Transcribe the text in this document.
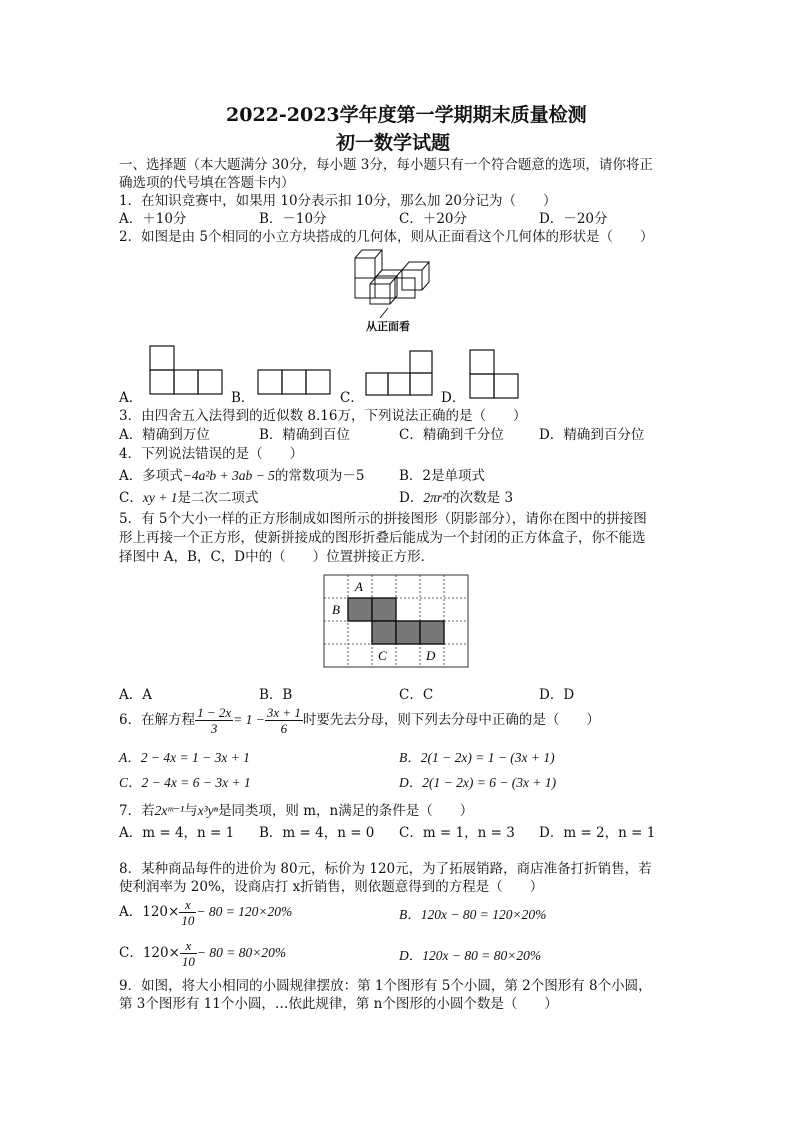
2022-2023学年度第一学期期末质量检测
初一数学试题
一、选择题（本大题满分 30分，每小题 3分，每小题只有一个符合题意的选项，请你将正
确选项的代号填在答题卡内）
1．在知识竞赛中，如果用 10分表示扣 10分，那么加 20分记为（　　）
A．＋10分	B．－10分	C．＋20分	D．－20分
2．如图是由 5个相同的小立方块搭成的几何体，则从正面看这个几何体的形状是（　　）
从正面看
A．	B．	C．	D．
3．由四舍五入法得到的近似数 8.16万，下列说法正确的是（　　）
A．精确到万位	B．精确到百位	C．精确到千分位	D．精确到百分位
4．下列说法错误的是（　　）
A．多项式−4a²b + 3ab − 5的常数项为－5	B．2是单项式
C．xy + 1是二次二项式	D．2πr²的次数是 3
5．有 5个大小一样的正方形制成如图所示的拼接图形（阴影部分），请你在图中的拼接图
形上再接一个正方形，使新拼接成的图形折叠后能成为一个封闭的正方体盒子，你不能选
择图中 A，B，C，D中的（　　）位置拼接正方形．
A
B
C	D
A．A	B．B	C．C	D．D
6．在解方程 $\frac{1 - 2x}{3} = 1 - \frac{3x + 1}{6}$ 时要先去分母，则下列去分母中正确的是（　　）
A．2 − 4x = 1 − 3x + 1	B．2(1 − 2x) = 1 − (3x + 1)
C．2 − 4x = 6 − 3x + 1	D．2(1 − 2x) = 6 − (3x + 1)
7．若2xᵐ⁻¹与x³yⁿ是同类项，则 m，n满足的条件是（　　）
A．m = 4，n = 1 B．m = 4，n = 0 C．m = 1，n = 3 D．m = 2，n = 1
8．某种商品每件的进价为 80元，标价为 120元，为了拓展销路，商店准备打折销售，若
使利润率为 20%，设商店打 x折销售，则依题意得到的方程是（　　）
A．$120\times \frac{x}{10} - 80 = 120\times 20\%$	B．120x − 80 = 120×20%
C．$120\times \frac{x}{10} - 80 = 80\times 20\%$	D．120x − 80 = 80×20%
9．如图，将大小相同的小圆规律摆放：第 1个图形有 5个小圆，第 2个图形有 8个小圆，
第 3个图形有 11个小圆，…依此规律，第 n个图形的小圆个数是（　　）
